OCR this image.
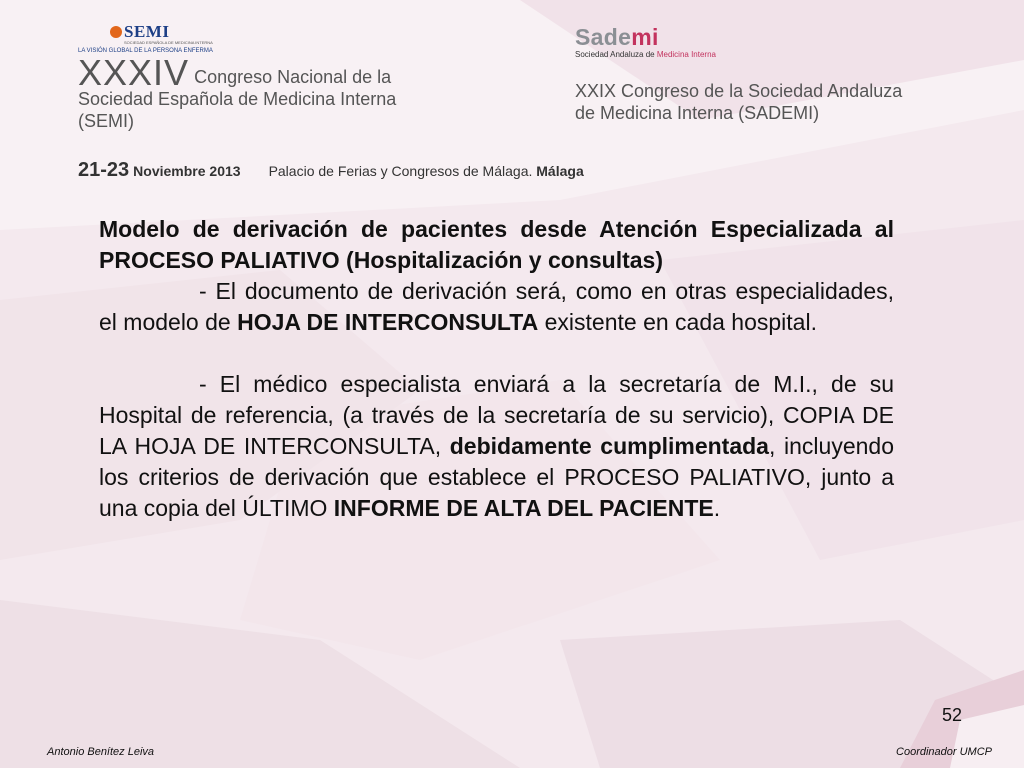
SEMI
SOCIEDAD ESPAÑOLA DE MEDICINA INTERNA
LA VISIÓN GLOBAL DE LA PERSONA ENFERMA
Sademi
Sociedad Andaluza de Medicina Interna
XXXIV Congreso Nacional de la
Sociedad Española de Medicina Interna
(SEMI)
XXIX Congreso de la Sociedad Andaluza
de Medicina Interna (SADEMI)
21-23 Noviembre 2013 Palacio de Ferias y Congresos de Málaga. Málaga

Modelo de derivación de pacientes desde Atención Especializada al PROCESO PALIATIVO (Hospitalización y consultas)

- El documento de derivación será, como en otras especialidades, el modelo de HOJA DE INTERCONSULTA existente en cada hospital.

- El médico especialista enviará a la secretaría de M.I., de su Hospital de referencia, (a través de la secretaría de su servicio), COPIA DE LA HOJA DE INTERCONSULTA, debidamente cumplimentada, incluyendo los criterios de derivación que establece el PROCESO PALIATIVO, junto a una copia del ÚLTIMO INFORME DE ALTA DEL PACIENTE.

52
Antonio Benítez Leiva	Coordinador UMCP
